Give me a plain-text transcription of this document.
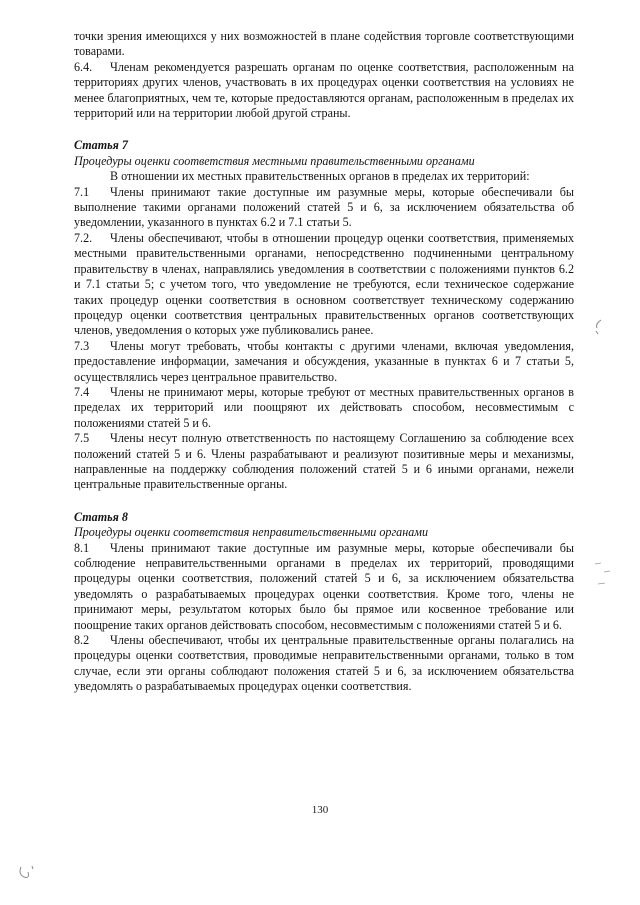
точки зрения имеющихся у них возможностей в плане содействия торговле соответствующими товарами.

6.4. Членам рекомендуется разрешать органам по оценке соответствия, расположенным на территориях других членов, участвовать в их процедурах оценки соответствия на условиях не менее благоприятных, чем те, которые предоставляются органам, расположенным в пределах их территорий или на территории любой другой страны.

Статья 7

Процедуры оценки соответствия местными правительственными органами

В отношении их местных правительственных органов в пределах их территорий:

7.1 Члены принимают такие доступные им разумные меры, которые обеспечивали бы выполнение такими органами положений статей 5 и 6, за исключением обязательства об уведомлении, указанного в пунктах 6.2 и 7.1 статьи 5.

7.2. Члены обеспечивают, чтобы в отношении процедур оценки соответствия, применяемых местными правительственными органами, непосредственно подчиненными центральному правительству в членах, направлялись уведомления в соответствии с положениями пунктов 6.2 и 7.1 статьи 5; с учетом того, что уведомление не требуются, если техническое содержание таких процедур оценки соответствия в основном соответствует техническому содержанию процедур оценки соответствия центральных правительственных органов соответствующих членов, уведомления о которых уже публиковались ранее.

7.3 Члены могут требовать, чтобы контакты с другими членами, включая уведомления, предоставление информации, замечания и обсуждения, указанные в пунктах 6 и 7 статьи 5, осуществлялись через центральное правительство.

7.4 Члены не принимают меры, которые требуют от местных правительственных органов в пределах их территорий или поощряют их действовать способом, несовместимым с положениями статей 5 и 6.

7.5 Члены несут полную ответственность по настоящему Соглашению за соблюдение всех положений статей 5 и 6. Члены разрабатывают и реализуют позитивные меры и механизмы, направленные на поддержку соблюдения положений статей 5 и 6 иными органами, нежели центральные правительственные органы.

Статья 8

Процедуры оценки соответствия неправительственными органами

8.1 Члены принимают такие доступные им разумные меры, которые обеспечивали бы соблюдение неправительственными органами в пределах их территорий, проводящими процедуры оценки соответствия, положений статей 5 и 6, за исключением обязательства уведомлять о разрабатываемых процедурах оценки соответствия. Кроме того, члены не принимают меры, результатом которых было бы прямое или косвенное требование или поощрение таких органов действовать способом, несовместимым с положениями статей 5 и 6.

8.2 Члены обеспечивают, чтобы их центральные правительственные органы полагались на процедуры оценки соответствия, проводимые неправительственными органами, только в том случае, если эти органы соблюдают положения статей 5 и 6, за исключением обязательства уведомлять о разрабатываемых процедурах оценки соответствия.

130
